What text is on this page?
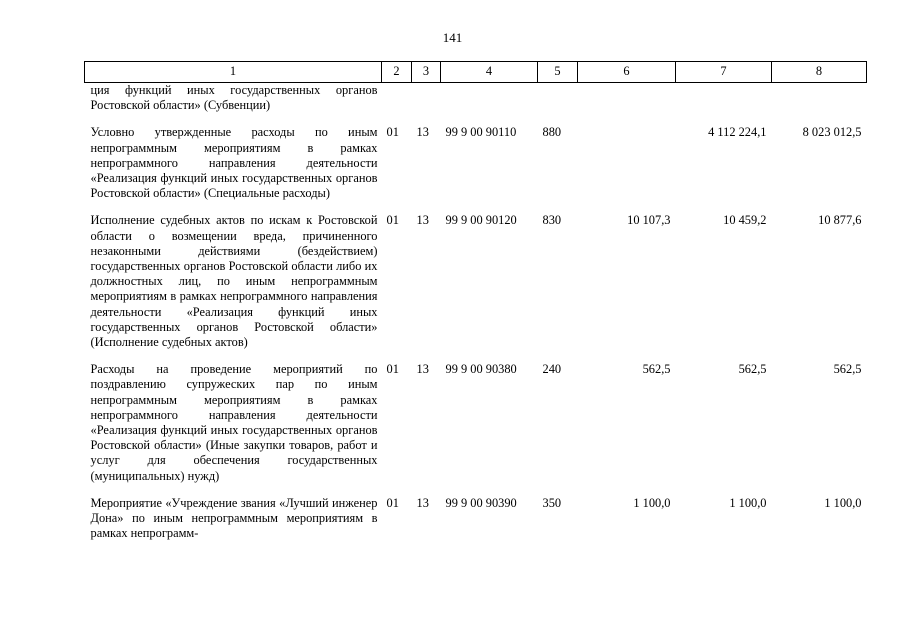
141
1	2	3	4	5	6	7	8
ция функций иных государственных органов Ростовской области» (Субвенции)							
Условно утвержденные расходы по иным непрограммным мероприятиям в рамках непрограммного направления деятельности «Реализация функций иных государственных органов Ростовской области» (Специальные расходы)	01	13	99 9 00 90110	880		4 112 224,1	8 023 012,5
Исполнение судебных актов по искам к Ростовской области о возмещении вреда, причиненного незаконными действиями (бездействием) государственных органов Ростовской области либо их должностных лиц, по иным непрограммным мероприятиям в рамках непрограммного направления деятельности «Реализация функций иных государственных органов Ростовской области» (Исполнение судебных актов)	01	13	99 9 00 90120	830	10 107,3	10 459,2	10 877,6
Расходы на проведение мероприятий по поздравлению супружеских пар по иным непрограммным мероприятиям в рамках непрограммного направления деятельности «Реализация функций иных государственных органов Ростовской области» (Иные закупки товаров, работ и услуг для обеспечения государственных (муниципальных) нужд)	01	13	99 9 00 90380	240	562,5	562,5	562,5
Мероприятие «Учреждение звания «Лучший инженер Дона» по иным непрограммным мероприятиям в рамках непрограмм-	01	13	99 9 00 90390	350	1 100,0	1 100,0	1 100,0
